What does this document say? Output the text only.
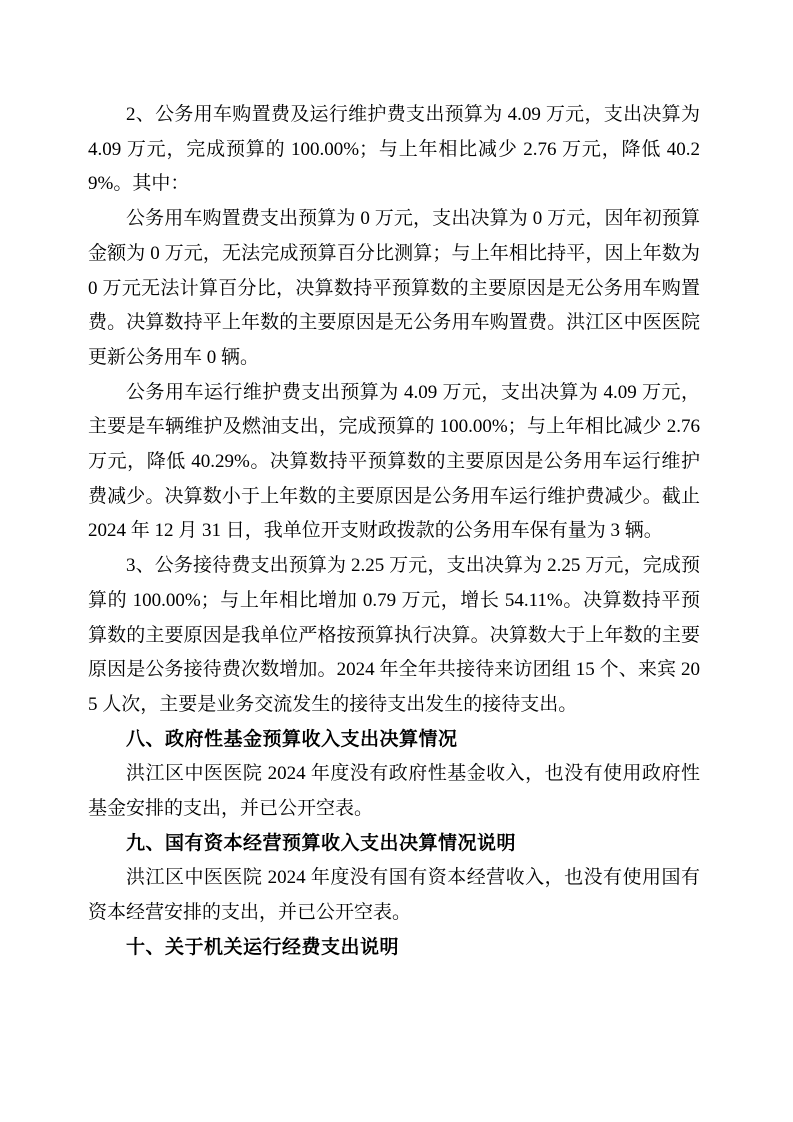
2、公务用车购置费及运行维护费支出预算为 4.09 万元，支出决算为 4.09 万元，完成预算的 100.00%；与上年相比减少 2.76 万元，降低 40.29%。其中：

公务用车购置费支出预算为 0 万元，支出决算为 0 万元，因年初预算金额为 0 万元，无法完成预算百分比测算；与上年相比持平，因上年数为 0 万元无法计算百分比，决算数持平预算数的主要原因是无公务用车购置费。决算数持平上年数的主要原因是无公务用车购置费。洪江区中医医院更新公务用车 0 辆。

公务用车运行维护费支出预算为 4.09 万元，支出决算为 4.09 万元，主要是车辆维护及燃油支出，完成预算的 100.00%；与上年相比减少 2.76 万元，降低 40.29%。决算数持平预算数的主要原因是公务用车运行维护费减少。决算数小于上年数的主要原因是公务用车运行维护费减少。截止 2024 年 12 月 31 日，我单位开支财政拨款的公务用车保有量为 3 辆。

3、公务接待费支出预算为 2.25 万元，支出决算为 2.25 万元，完成预算的 100.00%；与上年相比增加 0.79 万元，增长 54.11%。决算数持平预算数的主要原因是我单位严格按预算执行决算。决算数大于上年数的主要原因是公务接待费次数增加。2024 年全年共接待来访团组 15 个、来宾 205 人次，主要是业务交流发生的接待支出发生的接待支出。

八、政府性基金预算收入支出决算情况

洪江区中医医院 2024 年度没有政府性基金收入，也没有使用政府性基金安排的支出，并已公开空表。

九、国有资本经营预算收入支出决算情况说明

洪江区中医医院 2024 年度没有国有资本经营收入，也没有使用国有资本经营安排的支出，并已公开空表。

十、关于机关运行经费支出说明
